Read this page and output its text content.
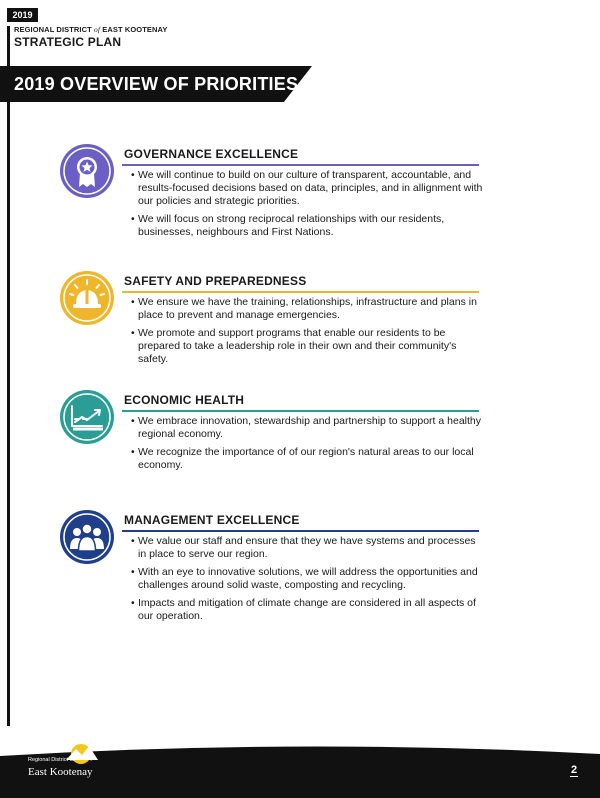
2019
REGIONAL DISTRICT of EAST KOOTENAY
STRATEGIC PLAN
2019 OVERVIEW OF PRIORITIES
GOVERNANCE EXCELLENCE
• We will continue to build on our culture of transparent, accountable, and results-focused decisions based on data, principles, and in allignment with our policies and strategic priorities.
• We will focus on strong reciprocal relationships with our residents, businesses, neighbours and First Nations.
SAFETY AND PREPAREDNESS
• We ensure we have the training, relationships, infrastructure and plans in place to prevent and manage emergencies.
• We promote and support programs that enable our residents to be prepared to take a leadership role in their own and their community's safety.
ECONOMIC HEALTH
• We embrace innovation, stewardship and partnership to support a healthy regional economy.
• We recognize the importance of of our region's natural areas to our local economy.
MANAGEMENT EXCELLENCE
• We value our staff and ensure that they we have systems and processes in place to serve our region.
• With an eye to innovative solutions, we will address the opportunities and challenges around solid waste, composting and recycling.
• Impacts and mitigation of climate change are considered in all aspects of our operation.
Regional District of
East Kootenay	2
